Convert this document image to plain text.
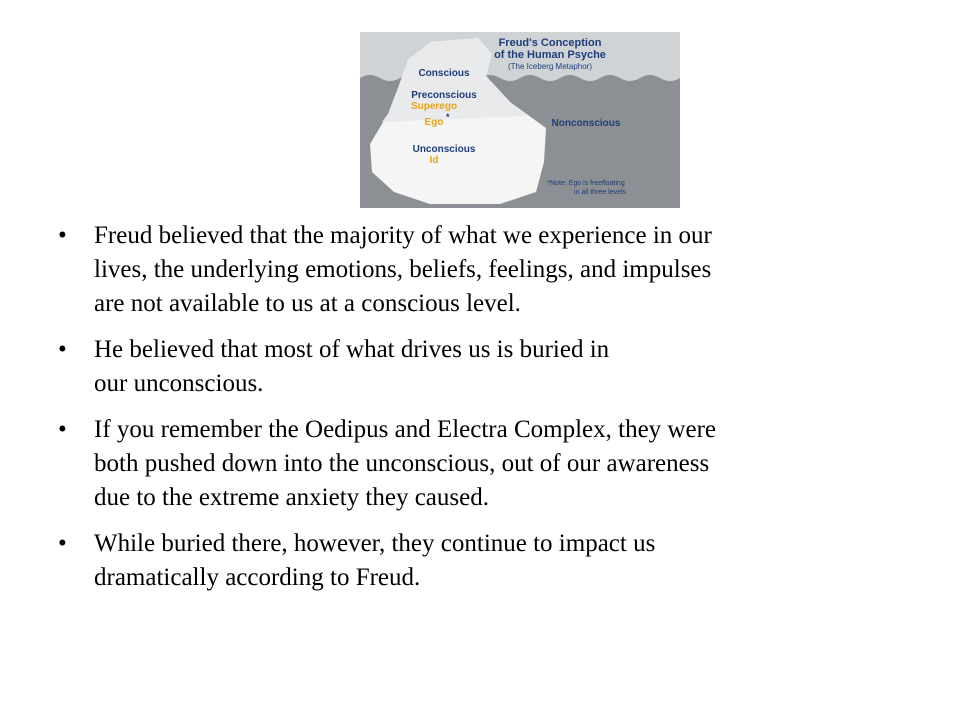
Freud's Conception
of the Human Psyche
(The Iceberg Metaphor)
Conscious
Preconscious
Superego
Ego *
Unconscious
Id
Nonconscious
*Note: Ego is freefloating
in all three levels
• Freud believed that the majority of what we experience in our
lives, the underlying emotions, beliefs, feelings, and impulses
are not available to us at a conscious level.
• He believed that most of what drives us is buried in
our unconscious.
• If you remember the Oedipus and Electra Complex, they were
both pushed down into the unconscious, out of our awareness
due to the extreme anxiety they caused.
• While buried there, however, they continue to impact us
dramatically according to Freud.
